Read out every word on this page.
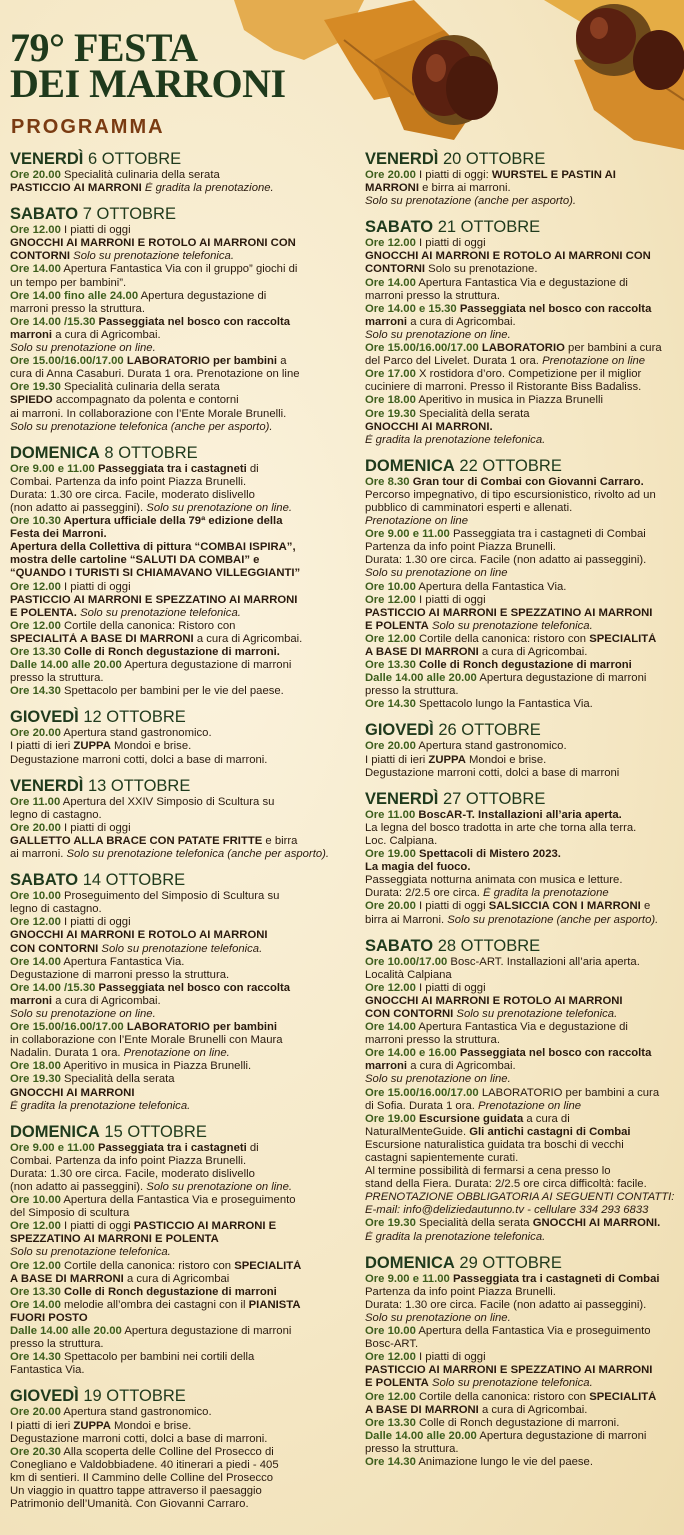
79° FESTA
DEI MARRONI
PROGRAMMA
VENERDÌ 6 OTTOBRE
Ore 20.00 Specialità culinaria della serata
PASTICCIO AI MARRONI È gradita la prenotazione.
SABATO 7 OTTOBRE
Ore 12.00 I piatti di oggi
GNOCCHI AI MARRONI E ROTOLO AI MARRONI CON
CONTORNI Solo su prenotazione telefonica.
Ore 14.00 Apertura Fantastica Via con il gruppo” giochi di
un tempo per bambini”.
Ore 14.00 fino alle 24.00 Apertura degustazione di
marroni presso la struttura.
Ore 14.00 /15.30 Passeggiata nel bosco con raccolta
marroni a cura di Agricombai.
Solo su prenotazione on line.
Ore 15.00/16.00/17.00 LABORATORIO per bambini a
cura di Anna Casaburi. Durata 1 ora. Prenotazione on line
Ore 19.30 Specialità culinaria della serata
SPIEDO accompagnato da polenta e contorni
ai marroni. In collaborazione con l’Ente Morale Brunelli.
Solo su prenotazione telefonica (anche per asporto).
DOMENICA 8 OTTOBRE
Ore 9.00 e 11.00 Passeggiata tra i castagneti di
Combai. Partenza da info point Piazza Brunelli.
Durata: 1.30 ore circa. Facile, moderato dislivello
(non adatto ai passeggini). Solo su prenotazione on line.
Ore 10.30 Apertura ufficiale della 79ª edizione della
Festa dei Marroni.
Apertura della Collettiva di pittura “COMBAI ISPIRA”,
mostra delle cartoline “SALUTI DA COMBAI” e
“QUANDO I TURISTI SI CHIAMAVANO VILLEGGIANTI”
Ore 12.00 I piatti di oggi
PASTICCIO AI MARRONI E SPEZZATINO AI MARRONI
E POLENTA. Solo su prenotazione telefonica.
Ore 12.00 Cortile della canonica: Ristoro con
SPECIALITÀ A BASE DI MARRONI a cura di Agricombai.
Ore 13.30 Colle di Ronch degustazione di marroni.
Dalle 14.00 alle 20.00 Apertura degustazione di marroni
presso la struttura.
Ore 14.30 Spettacolo per bambini per le vie del paese.
GIOVEDÌ 12 OTTOBRE
Ore 20.00 Apertura stand gastronomico.
I piatti di ieri ZUPPA Mondoi e brise.
Degustazione marroni cotti, dolci a base di marroni.
VENERDÌ 13 OTTOBRE
Ore 11.00 Apertura del XXIV Simposio di Scultura su
legno di castagno.
Ore 20.00 I piatti di oggi
GALLETTO ALLA BRACE CON PATATE FRITTE e birra
ai marroni. Solo su prenotazione telefonica (anche per asporto).
SABATO 14 OTTOBRE
Ore 10.00 Proseguimento del Simposio di Scultura su
legno di castagno.
Ore 12.00 I piatti di oggi
GNOCCHI AI MARRONI E ROTOLO AI MARRONI
CON CONTORNI Solo su prenotazione telefonica.
Ore 14.00 Apertura Fantastica Via.
Degustazione di marroni presso la struttura.
Ore 14.00 /15.30 Passeggiata nel bosco con raccolta
marroni a cura di Agricombai.
Solo su prenotazione on line.
Ore 15.00/16.00/17.00 LABORATORIO per bambini
in collaborazione con l’Ente Morale Brunelli con Maura
Nadalin. Durata 1 ora. Prenotazione on line.
Ore 18.00 Aperitivo in musica in Piazza Brunelli.
Ore 19.30 Specialità della serata
GNOCCHI AI MARRONI
È gradita la prenotazione telefonica.
DOMENICA 15 OTTOBRE
Ore 9.00 e 11.00 Passeggiata tra i castagneti di
Combai. Partenza da info point Piazza Brunelli.
Durata: 1.30 ore circa. Facile, moderato dislivello
(non adatto ai passeggini). Solo su prenotazione on line.
Ore 10.00 Apertura della Fantastica Via e proseguimento
del Simposio di scultura
Ore 12.00 I piatti di oggi PASTICCIO AI MARRONI E
SPEZZATINO AI MARRONI E POLENTA
Solo su prenotazione telefonica.
Ore 12.00 Cortile della canonica: ristoro con SPECIALITÀ
A BASE DI MARRONI a cura di Agricombai
Ore 13.30 Colle di Ronch degustazione di marroni
Ore 14.00 melodie all’ombra dei castagni con il PIANISTA
FUORI POSTO
Dalle 14.00 alle 20.00 Apertura degustazione di marroni
presso la struttura.
Ore 14.30 Spettacolo per bambini nei cortili della
Fantastica Via.
GIOVEDÌ 19 OTTOBRE
Ore 20.00 Apertura stand gastronomico.
I piatti di ieri ZUPPA Mondoi e brise.
Degustazione marroni cotti, dolci a base di marroni.
Ore 20.30 Alla scoperta delle Colline del Prosecco di
Conegliano e Valdobbiadene. 40 itinerari a piedi - 405
km di sentieri. Il Cammino delle Colline del Prosecco
Un viaggio in quattro tappe attraverso il paesaggio
Patrimonio dell’Umanità. Con Giovanni Carraro.
VENERDÌ 20 OTTOBRE
Ore 20.00 I piatti di oggi: WURSTEL E PASTIN AI
MARRONI e birra ai marroni.
Solo su prenotazione (anche per asporto).
SABATO 21 OTTOBRE
Ore 12.00 I piatti di oggi
GNOCCHI AI MARRONI E ROTOLO AI MARRONI CON
CONTORNI Solo su prenotazione.
Ore 14.00 Apertura Fantastica Via e degustazione di
marroni presso la struttura.
Ore 14.00 e 15.30 Passeggiata nel bosco con raccolta
marroni a cura di Agricombai.
Solo su prenotazione on line.
Ore 15.00/16.00/17.00 LABORATORIO per bambini a cura
del Parco del Livelet. Durata 1 ora. Prenotazione on line
Ore 17.00 X rostidora d’oro. Competizione per il miglior
cuciniere di marroni. Presso il Ristorante Biss Badaliss.
Ore 18.00 Aperitivo in musica in Piazza Brunelli
Ore 19.30 Specialità della serata
GNOCCHI AI MARRONI.
È gradita la prenotazione telefonica.
DOMENICA 22 OTTOBRE
Ore 8.30 Gran tour di Combai con Giovanni Carraro.
Percorso impegnativo, di tipo escursionistico, rivolto ad un
pubblico di camminatori esperti e allenati.
Prenotazione on line
Ore 9.00 e 11.00 Passeggiata tra i castagneti di Combai
Partenza da info point Piazza Brunelli.
Durata: 1.30 ore circa. Facile (non adatto ai passeggini).
Solo su prenotazione on line
Ore 10.00 Apertura della Fantastica Via.
Ore 12.00 I piatti di oggi
PASTICCIO AI MARRONI E SPEZZATINO AI MARRONI
E POLENTA Solo su prenotazione telefonica.
Ore 12.00 Cortile della canonica: ristoro con SPECIALITÀ
A BASE DI MARRONI a cura di Agricombai.
Ore 13.30 Colle di Ronch degustazione di marroni
Dalle 14.00 alle 20.00 Apertura degustazione di marroni
presso la struttura.
Ore 14.30 Spettacolo lungo la Fantastica Via.
GIOVEDÌ 26 OTTOBRE
Ore 20.00 Apertura stand gastronomico.
I piatti di ieri ZUPPA Mondoi e brise.
Degustazione marroni cotti, dolci a base di marroni
VENERDÌ 27 OTTOBRE
Ore 11.00 BoscAR-T. Installazioni all’aria aperta.
La legna del bosco tradotta in arte che torna alla terra.
Loc. Calpiana.
Ore 19.00 Spettacoli di Mistero 2023.
La magia del fuoco.
Passeggiata notturna animata con musica e letture.
Durata: 2/2.5 ore circa. È gradita la prenotazione
Ore 20.00 I piatti di oggi SALSICCIA CON I MARRONI e
birra ai Marroni. Solo su prenotazione (anche per asporto).
SABATO 28 OTTOBRE
Ore 10.00/17.00 Bosc-ART. Installazioni all’aria aperta.
Località Calpiana
Ore 12.00 I piatti di oggi
GNOCCHI AI MARRONI E ROTOLO AI MARRONI
CON CONTORNI Solo su prenotazione telefonica.
Ore 14.00 Apertura Fantastica Via e degustazione di
marroni presso la struttura.
Ore 14.00 e 16.00 Passeggiata nel bosco con raccolta
marroni a cura di Agricombai.
Solo su prenotazione on line.
Ore 15.00/16.00/17.00 LABORATORIO per bambini a cura
di Sofia. Durata 1 ora. Prenotazione on line
Ore 19.00 Escursione guidata a cura di
NaturalMenteGuide. Gli antichi castagni di Combai
Escursione naturalistica guidata tra boschi di vecchi
castagni sapientemente curati.
Al termine possibilità di fermarsi a cena presso lo
stand della Fiera. Durata: 2/2.5 ore circa difficoltà: facile.
PRENOTAZIONE OBBLIGATORIA AI SEGUENTI CONTATTI:
E-mail: info@deliziedautunno.tv - cellulare 334 293 6833
Ore 19.30 Specialità della serata GNOCCHI AI MARRONI.
È gradita la prenotazione telefonica.
DOMENICA 29 OTTOBRE
Ore 9.00 e 11.00 Passeggiata tra i castagneti di Combai
Partenza da info point Piazza Brunelli.
Durata: 1.30 ore circa. Facile (non adatto ai passeggini).
Solo su prenotazione on line.
Ore 10.00 Apertura della Fantastica Via e proseguimento
Bosc-ART.
Ore 12.00 I piatti di oggi
PASTICCIO AI MARRONI E SPEZZATINO AI MARRONI
E POLENTA Solo su prenotazione telefonica.
Ore 12.00 Cortile della canonica: ristoro con SPECIALITÀ
A BASE DI MARRONI a cura di Agricombai.
Ore 13.30 Colle di Ronch degustazione di marroni.
Dalle 14.00 alle 20.00 Apertura degustazione di marroni
presso la struttura.
Ore 14.30 Animazione lungo le vie del paese.
